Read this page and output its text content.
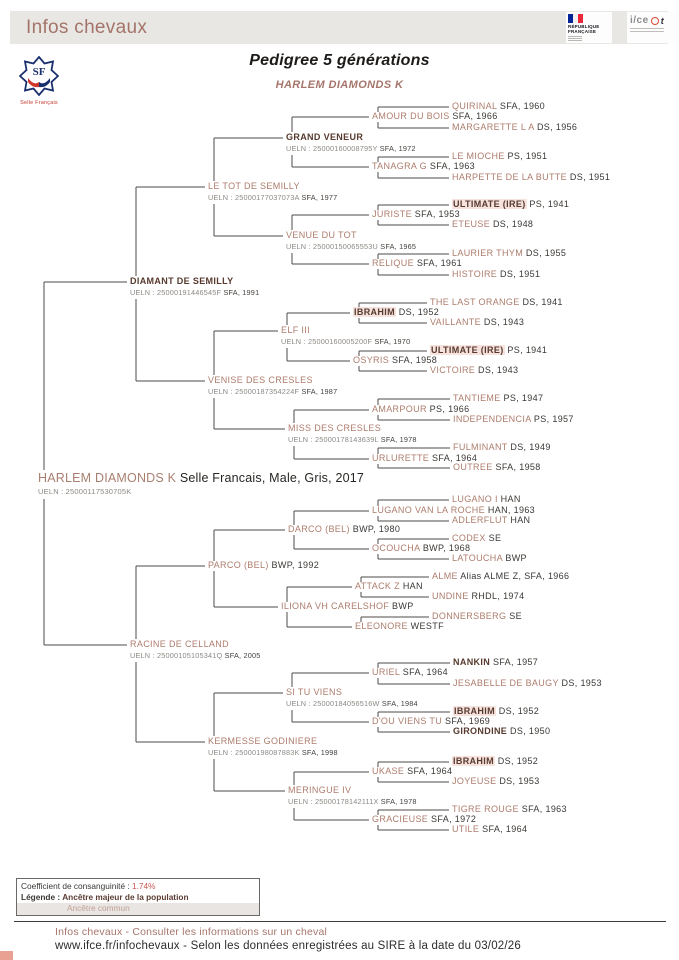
Infos chevaux	RÉPUBLIQUE
FRANÇAISE
i/ce t
SF
Selle Français
Pedigree 5 générations
HARLEM DIAMONDS K
QUIRINAL SFA, 1960
AMOUR DU BOIS SFA, 1966
MARGARETTE L A DS, 1956
GRAND VENEUR
UELN : 25000160008795Y SFA, 1972
TANAGRA G SFA, 1963
LE MIOCHE PS, 1951
HARPETTE DE LA BUTTE DS, 1951
LE TOT DE SEMILLY
UELN : 25000177037073A SFA, 1977
ULTIMATE (IRE) PS, 1941
JURISTE SFA, 1953
VENUE DU TOT
UELN : 25000150065553U SFA, 1965
ETEUSE DS, 1948
LAURIER THYM DS, 1955
RELIQUE SFA, 1961
HISTOIRE DS, 1951
DIAMANT DE SEMILLY
UELN : 25000191446545F SFA, 1991
THE LAST ORANGE DS, 1941
IBRAHIM DS, 1952
VAILLANTE DS, 1943
ELF III
UELN : 25000160005200F SFA, 1970
ULTIMATE (IRE) PS, 1941
OSYRIS SFA, 1958
VENISE DES CRESLES
UELN : 25000187354224F SFA, 1987
VICTOIRE DS, 1943
TANTIEME PS, 1947
AMARPOUR PS, 1966
INDEPENDENCIA PS, 1957
MISS DES CRESLES
UELN : 25000178143639L SFA, 1978
FULMINANT DS, 1949
URLURETTE SFA, 1964
OUTREE SFA, 1958
HARLEM DIAMONDS K Selle Francais, Male, Gris, 2017
UELN : 25000117530705K
LUGANO I HAN
LUGANO VAN LA ROCHE HAN, 1963
ADLERFLUT HAN
DARCO (BEL) BWP, 1980
CODEX SE
OCOUCHA BWP, 1968
LATOUCHA BWP
PARCO (BEL) BWP, 1992
ALME Alias ALME Z, SFA, 1966
ATTACK Z HAN
UNDINE RHDL, 1974
ILIONA VH CARELSHOF BWP
DONNERSBERG SE
ELEONORE WESTF
RACINE DE CELLAND
UELN : 25000105105341Q SFA, 2005
NANKIN SFA, 1957
URIEL SFA, 1964
JESABELLE DE BAUGY DS, 1953
SI TU VIENS
UELN : 25000184056516W SFA, 1984
IBRAHIM DS, 1952
D'OU VIENS TU SFA, 1969
GIRONDINE DS, 1950
KERMESSE GODINIERE
UELN : 25000198087883K SFA, 1998
IBRAHIM DS, 1952
UKASE SFA, 1964
JOYEUSE DS, 1953
MERINGUE IV
UELN : 25000178142111X SFA, 1978
TIGRE ROUGE SFA, 1963
GRACIEUSE SFA, 1972
UTILE SFA, 1964
Coefficient de consanguinité : 1.74%
Légende : Ancêtre majeur de la population
Ancêtre commun
Infos chevaux - Consulter les informations sur un cheval
www.ifce.fr/infochevaux - Selon les données enregistrées au SIRE à la date du 03/02/26
